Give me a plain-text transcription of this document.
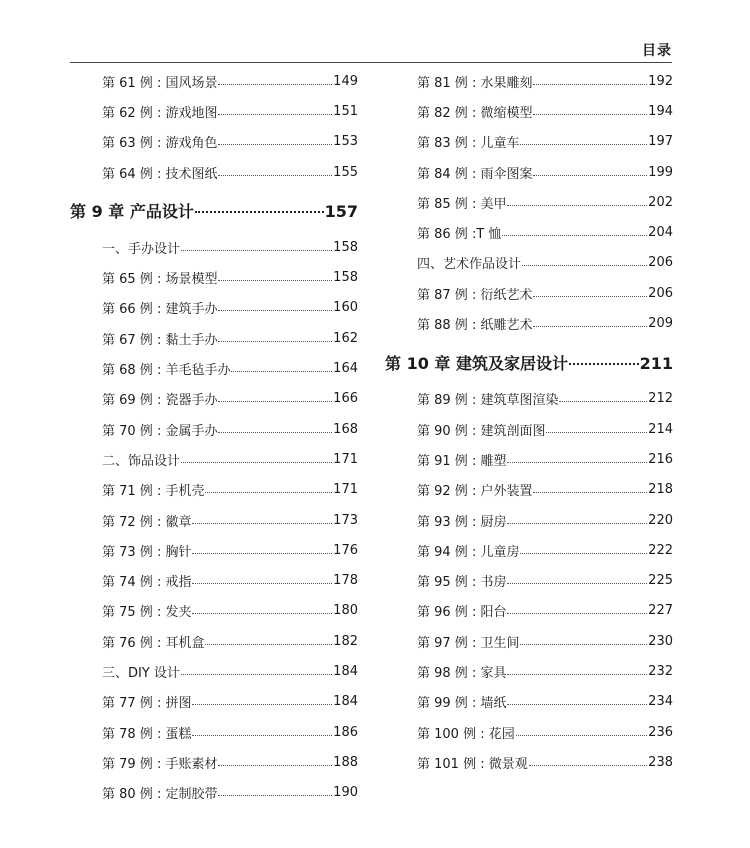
目录
第 61 例 : 国风场景	149
第 62 例 : 游戏地图	151
第 63 例 : 游戏角色	153
第 64 例 : 技术图纸	155
第 9 章 产品设计	157
一、手办设计	158
第 65 例 : 场景模型	158
第 66 例 : 建筑手办	160
第 67 例 : 黏土手办	162
第 68 例 : 羊毛毡手办	164
第 69 例 : 瓷器手办	166
第 70 例 : 金属手办	168
二、饰品设计	171
第 71 例 : 手机壳	171
第 72 例 : 徽章	173
第 73 例 : 胸针	176
第 74 例 : 戒指	178
第 75 例 : 发夹	180
第 76 例 : 耳机盒	182
三、DIY 设计	184
第 77 例 : 拼图	184
第 78 例 : 蛋糕	186
第 79 例 : 手账素材	188
第 80 例 : 定制胶带	190
第 81 例 : 水果雕刻	192
第 82 例 : 微缩模型	194
第 83 例 : 儿童车	197
第 84 例 : 雨伞图案	199
第 85 例 : 美甲	202
第 86 例 :T 恤	204
四、艺术作品设计	206
第 87 例 : 衍纸艺术	206
第 88 例 : 纸雕艺术	209
第 10 章 建筑及家居设计	211
第 89 例 : 建筑草图渲染	212
第 90 例 : 建筑剖面图	214
第 91 例 : 雕塑	216
第 92 例 : 户外装置	218
第 93 例 : 厨房	220
第 94 例 : 儿童房	222
第 95 例 : 书房	225
第 96 例 : 阳台	227
第 97 例 : 卫生间	230
第 98 例 : 家具	232
第 99 例 : 墙纸	234
第 100 例 : 花园	236
第 101 例 : 微景观	238
